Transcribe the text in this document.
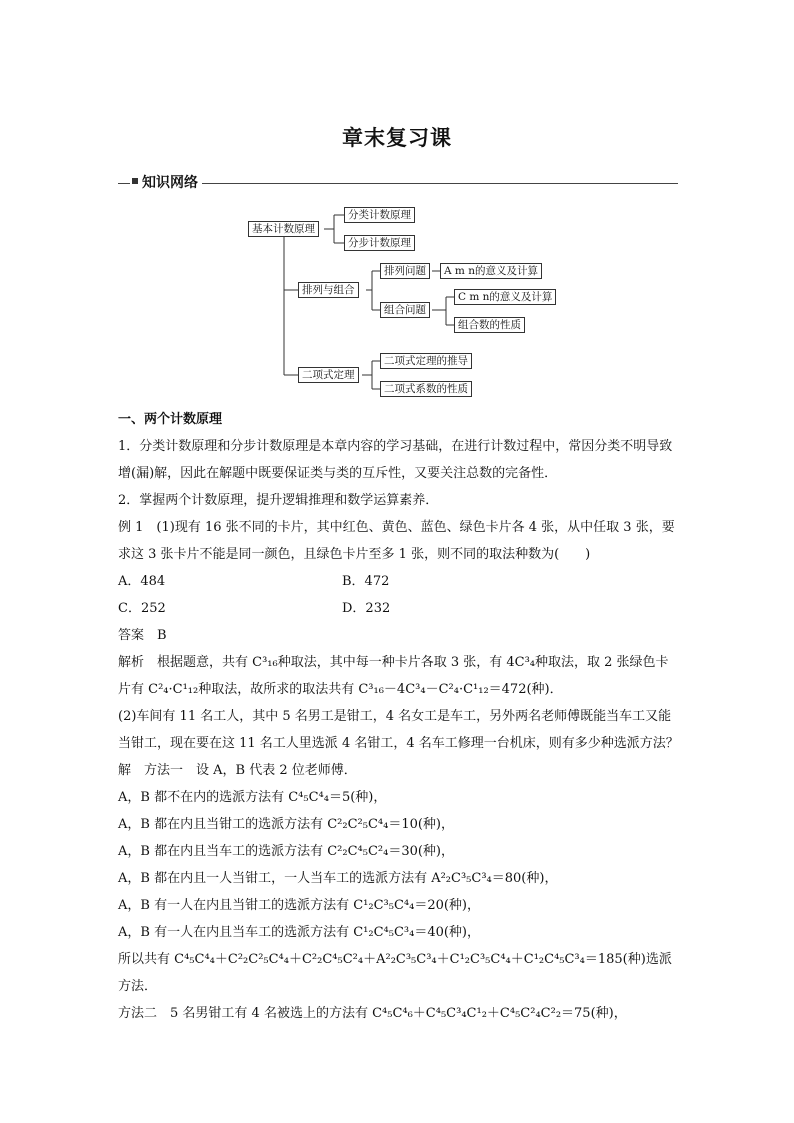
章末复习课
知识网络
基本计数原理
分类计数原理
分步计数原理
排列与组合
排列问题	A m n的意义及计算
组合问题
C m n的意义及计算
组合数的性质
二项式定理
二项式定理的推导
二项式系数的性质

一、两个计数原理

1．分类计数原理和分步计数原理是本章内容的学习基础，在进行计数过程中，常因分类不明导致增(漏)解，因此在解题中既要保证类与类的互斥性，又要关注总数的完备性．

2．掌握两个计数原理，提升逻辑推理和数学运算素养．

例 1　(1)现有 16 张不同的卡片，其中红色、黄色、蓝色、绿色卡片各 4 张，从中任取 3 张，要求这 3 张卡片不能是同一颜色，且绿色卡片至多 1 张，则不同的取法种数为(　　)

A．484	B．472
C．252	D．232

答案　B

解析　根据题意，共有 C³₁₆种取法，其中每一种卡片各取 3 张，有 4C³₄种取法，取 2 张绿色卡片有 C²₄·C¹₁₂种取法，故所求的取法共有 C³₁₆－4C³₄－C²₄·C¹₁₂＝472(种)．

(2)车间有 11 名工人，其中 5 名男工是钳工，4 名女工是车工，另外两名老师傅既能当车工又能当钳工，现在要在这 11 名工人里选派 4 名钳工，4 名车工修理一台机床，则有多少种选派方法？

解　方法一　设 A，B 代表 2 位老师傅．

A，B 都不在内的选派方法有 C⁴₅C⁴₄＝5(种)，

A，B 都在内且当钳工的选派方法有 C²₂C²₅C⁴₄＝10(种)，

A，B 都在内且当车工的选派方法有 C²₂C⁴₅C²₄＝30(种)，

A，B 都在内且一人当钳工，一人当车工的选派方法有 A²₂C³₅C³₄＝80(种)，

A，B 有一人在内且当钳工的选派方法有 C¹₂C³₅C⁴₄＝20(种)，

A，B 有一人在内且当车工的选派方法有 C¹₂C⁴₅C³₄＝40(种)，

所以共有 C⁴₅C⁴₄＋C²₂C²₅C⁴₄＋C²₂C⁴₅C²₄＋A²₂C³₅C³₄＋C¹₂C³₅C⁴₄＋C¹₂C⁴₅C³₄＝185(种)选派方法．

方法二　5 名男钳工有 4 名被选上的方法有 C⁴₅C⁴₆＋C⁴₅C³₄C¹₂＋C⁴₅C²₄C²₂＝75(种)，
